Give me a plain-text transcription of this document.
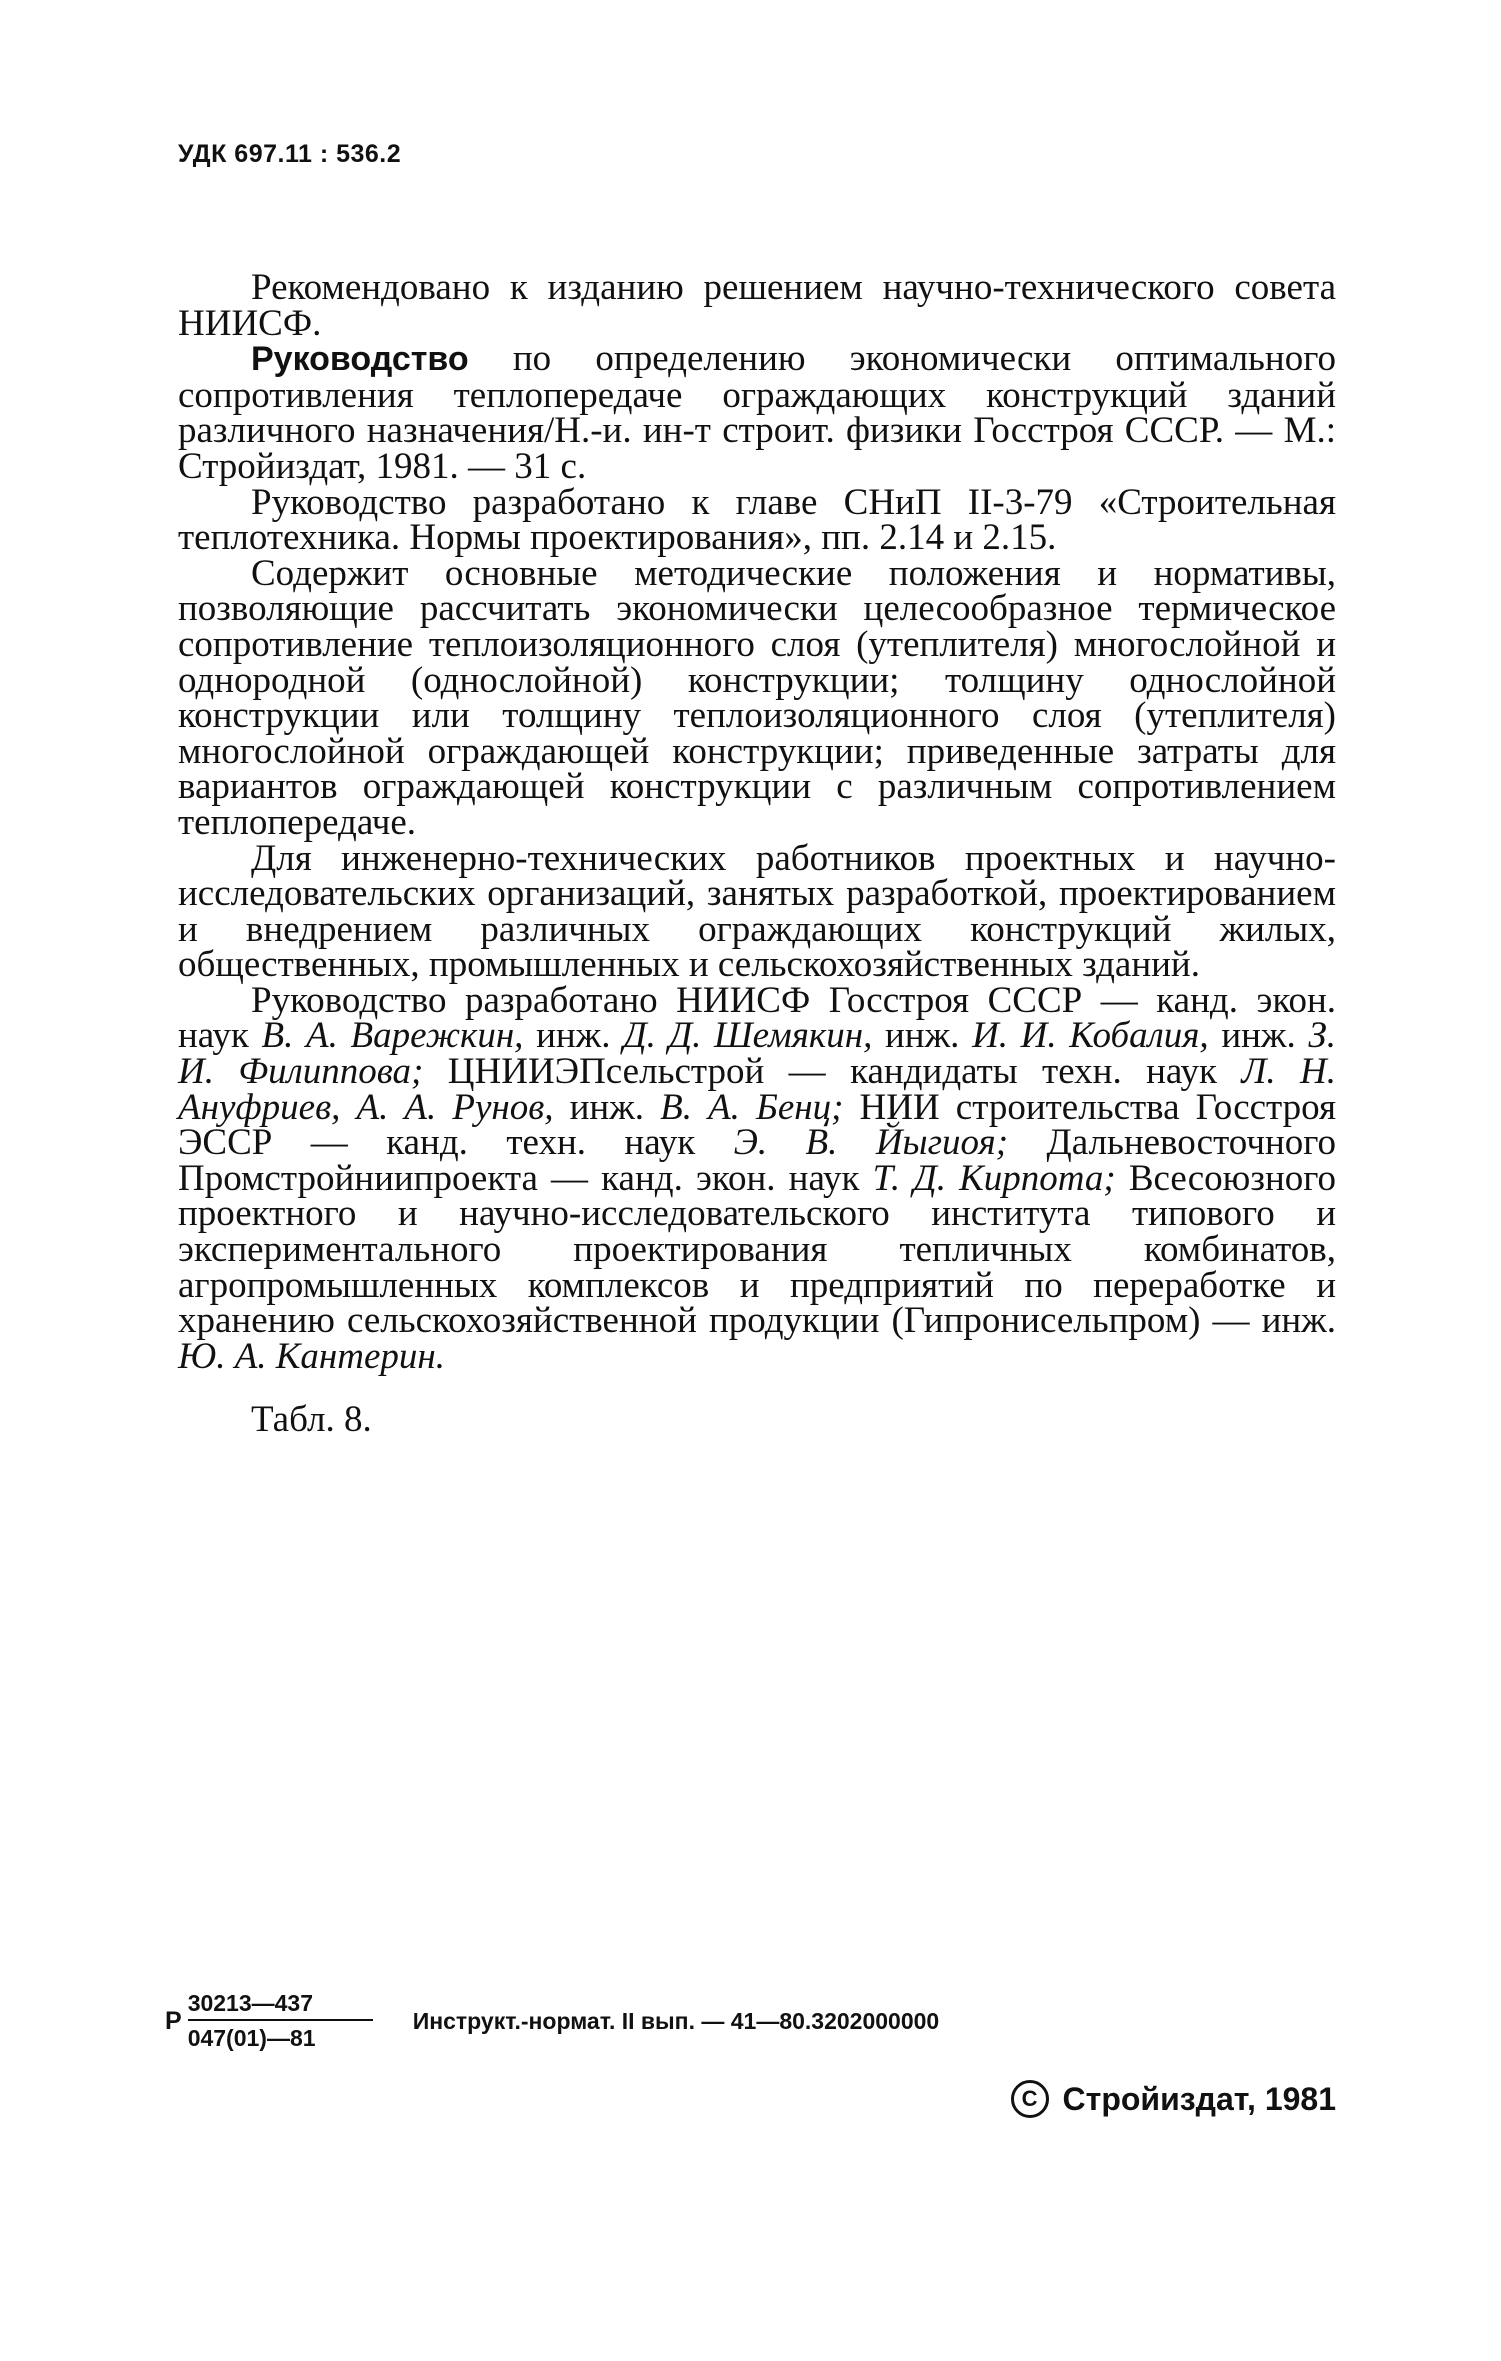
УДК 697.11 : 536.2

Рекомендовано к изданию решением научно-технического совета НИИСФ.

Руководство по определению экономически оптимального сопротивления теплопередаче ограждающих конструкций зданий различного назначения/Н.-и. ин-т строит. физики Госстроя СССР. — М.: Стройиздат, 1981. — 31 с.

Руководство разработано к главе СНиП II-3-79 «Строительная теплотехника. Нормы проектирования», пп. 2.14 и 2.15.

Содержит основные методические положения и нормативы, позволяющие рассчитать экономически целесообразное термическое сопротивление теплоизоляционного слоя (утеплителя) многослойной и однородной (однослойной) конструкции; толщину однослойной конструкции или толщину теплоизоляционного слоя (утеплителя) многослойной ограждающей конструкции; приведенные затраты для вариантов ограждающей конструкции с различным сопротивлением теплопередаче.

Для инженерно-технических работников проектных и научно-исследовательских организаций, занятых разработкой, проектированием и внедрением различных ограждающих конструкций жилых, общественных, промышленных и сельскохозяйственных зданий.

Руководство разработано НИИСФ Госстроя СССР — канд. экон. наук В. А. Варежкин, инж. Д. Д. Шемякин, инж. И. И. Кобалия, инж. З. И. Филиппова; ЦНИИЭПсельстрой — кандидаты техн. наук Л. Н. Ануфриев, А. А. Рунов, инж. В. А. Бенц; НИИ строительства Госстроя ЭССР — канд. техн. наук Э. В. Йыгиоя; Дальневосточного Промстройниипроекта — канд. экон. наук Т. Д. Кирпота; Всесоюзного проектного и научно-исследовательского института типового и экспериментального проектирования тепличных комбинатов, агропромышленных комплексов и предприятий по переработке и хранению сельскохозяйственной продукции (Гипронисельпром) — инж. Ю. А. Кантерин.

Табл. 8.
Р $\frac{30213—437}{047(01)—81}$ Инструкт.-нормат. II вып. — 41—80.3202000000
C Стройиздат, 1981
